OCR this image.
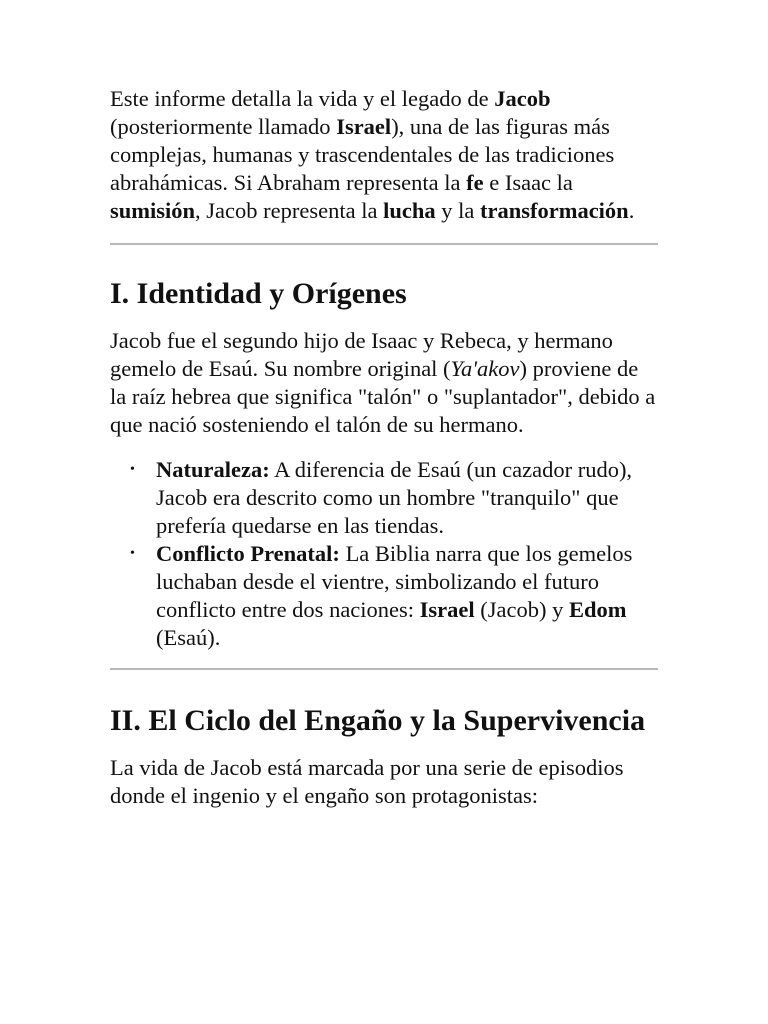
Este informe detalla la vida y el legado de Jacob (posteriormente llamado Israel), una de las figuras más complejas, humanas y trascendentales de las tradiciones abrahámicas. Si Abraham representa la fe e Isaac la sumisión, Jacob representa la lucha y la transformación.

I. Identidad y Orígenes

Jacob fue el segundo hijo de Isaac y Rebeca, y hermano gemelo de Esaú. Su nombre original (Ya'akov) proviene de la raíz hebrea que significa "talón" o "suplantador", debido a que nació sosteniendo el talón de su hermano.

• Naturaleza: A diferencia de Esaú (un cazador rudo), Jacob era descrito como un hombre "tranquilo" que prefería quedarse en las tiendas.
• Conflicto Prenatal: La Biblia narra que los gemelos luchaban desde el vientre, simbolizando el futuro conflicto entre dos naciones: Israel (Jacob) y Edom (Esaú).
II. El Ciclo del Engaño y la Supervivencia

La vida de Jacob está marcada por una serie de episodios donde el ingenio y el engaño son protagonistas:
